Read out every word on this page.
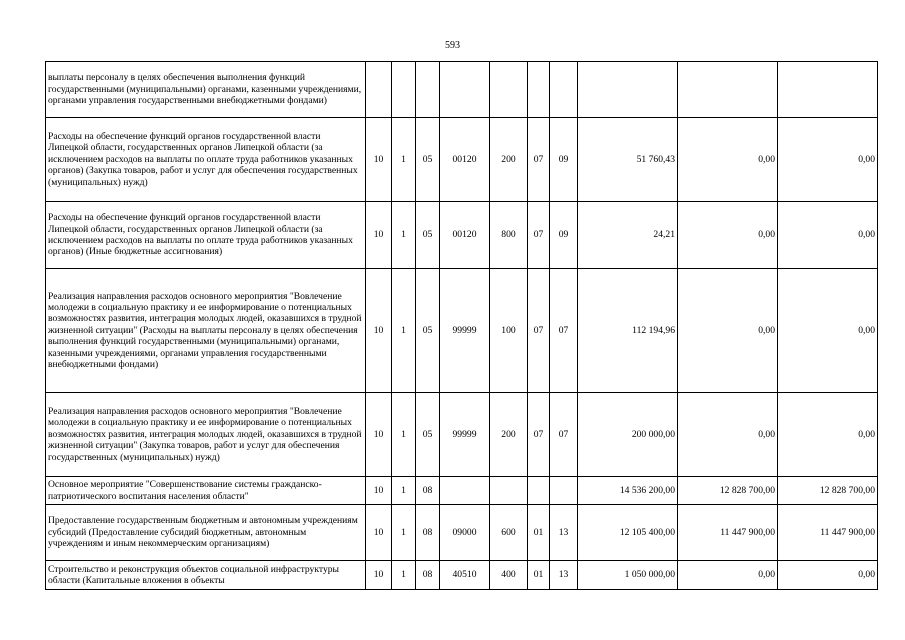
593
выплаты персоналу в целях обеспечения выполнения функций государственными (муниципальными) органами, казенными учреждениями, органами управления государственными внебюджетными фондами)										
Расходы на обеспечение функций органов государственной власти Липецкой области, государственных органов Липецкой области (за исключением расходов на выплаты по оплате труда работников указанных органов) (Закупка товаров, работ и услуг для обеспечения государственных (муниципальных) нужд)	10	1	05	00120	200	07	09	51 760,43	0,00	0,00
Расходы на обеспечение функций органов государственной власти Липецкой области, государственных органов Липецкой области (за исключением расходов на выплаты по оплате труда работников указанных органов) (Иные бюджетные ассигнования)	10	1	05	00120	800	07	09	24,21	0,00	0,00
Реализация направления расходов основного мероприятия "Вовлечение молодежи в социальную практику и ее информирование о потенциальных возможностях развития, интеграция молодых людей, оказавшихся в трудной жизненной ситуации" (Расходы на выплаты персоналу в целях обеспечения выполнения функций государственными (муниципальными) органами, казенными учреждениями, органами управления государственными внебюджетными фондами)	10	1	05	99999	100	07	07	112 194,96	0,00	0,00
Реализация направления расходов основного мероприятия "Вовлечение молодежи в социальную практику и ее информирование о потенциальных возможностях развития, интеграция молодых людей, оказавшихся в трудной жизненной ситуации" (Закупка товаров, работ и услуг для обеспечения государственных (муниципальных) нужд)	10	1	05	99999	200	07	07	200 000,00	0,00	0,00
Основное мероприятие "Совершенствование системы гражданско-патриотического воспитания населения области"	10	1	08					14 536 200,00	12 828 700,00	12 828 700,00
Предоставление государственным бюджетным и автономным учреждениям субсидий (Предоставление субсидий бюджетным, автономным учреждениям и иным некоммерческим организациям)	10	1	08	09000	600	01	13	12 105 400,00	11 447 900,00	11 447 900,00
Строительство и реконструкция объектов социальной инфраструктуры области (Капитальные вложения в объекты	10	1	08	40510	400	01	13	1 050 000,00	0,00	0,00
